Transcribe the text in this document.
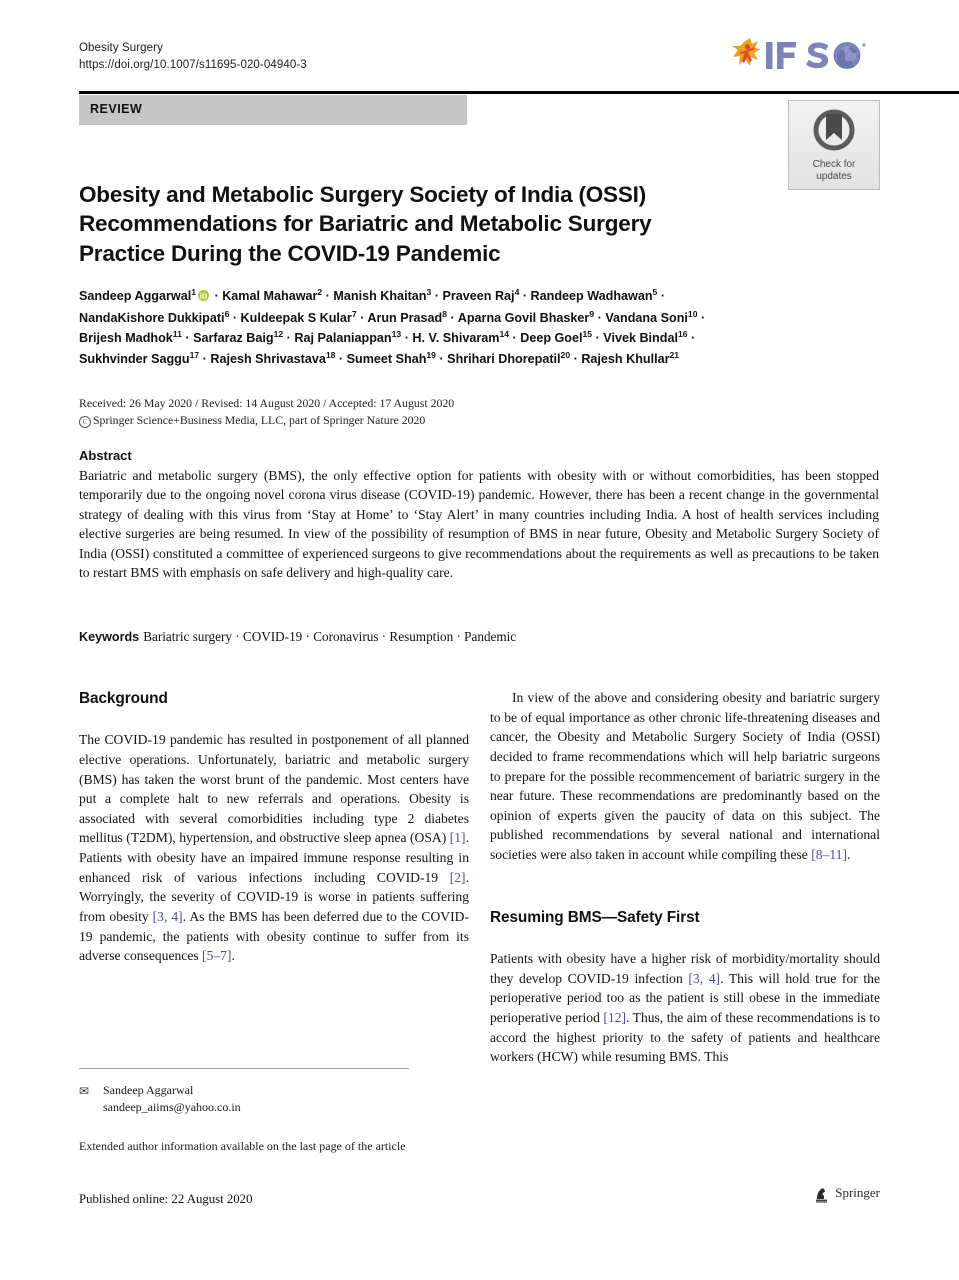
Obesity Surgery
https://doi.org/10.1007/s11695-020-04940-3
REVIEW
Check for
updates
Obesity and Metabolic Surgery Society of India (OSSI)
Recommendations for Bariatric and Metabolic Surgery
Practice During the COVID-19 Pandemic
Sandeep Aggarwal$^1$ iD · Kamal Mahawar$^2$ · Manish Khaitan$^3$ · Praveen Raj$^4$ · Randeep Wadhawan$^5$ ·
NandaKishore Dukkipati$^6$ · Kuldeepak S Kular$^7$ · Arun Prasad$^8$ · Aparna Govil Bhasker$^9$ · Vandana Soni$^{10}$ ·
Brijesh Madhok$^{11}$ · Sarfaraz Baig$^{12}$ · Raj Palaniappan$^{13}$ · H. V. Shivaram$^{14}$ · Deep Goel$^{15}$ · Vivek Bindal$^{16}$ ·
Sukhvinder Saggu$^{17}$ · Rajesh Shrivastava$^{18}$ · Sumeet Shah$^{19}$ · Shrihari Dhorepatil$^{20}$ · Rajesh Khullar$^{21}$
Received: 26 May 2020 / Revised: 14 August 2020 / Accepted: 17 August 2020
C Springer Science+Business Media, LLC, part of Springer Nature 2020
Abstract
Bariatric and metabolic surgery (BMS), the only effective option for patients with obesity with or without comorbidities, has been stopped temporarily due to the ongoing novel corona virus disease (COVID-19) pandemic. However, there has been a recent change in the governmental strategy of dealing with this virus from ‘Stay at Home’ to ‘Stay Alert’ in many countries including India. A host of health services including elective surgeries are being resumed. In view of the possibility of resumption of BMS in near future, Obesity and Metabolic Surgery Society of India (OSSI) constituted a committee of experienced surgeons to give recommendations about the requirements as well as precautions to be taken to restart BMS with emphasis on safe delivery and high-quality care.
Keywords Bariatric surgery · COVID-19 · Coronavirus · Resumption · Pandemic
Background

The COVID-19 pandemic has resulted in postponement of all planned elective operations. Unfortunately, bariatric and metabolic surgery (BMS) has taken the worst brunt of the pandemic. Most centers have put a complete halt to new referrals and operations. Obesity is associated with several comorbidities including type 2 diabetes mellitus (T2DM), hypertension, and obstructive sleep apnea (OSA) [1]. Patients with obesity have an impaired immune response resulting in enhanced risk of various infections including COVID-19 [2]. Worryingly, the severity of COVID-19 is worse in patients suffering from obesity [3, 4]. As the BMS has been deferred due to the COVID-19 pandemic, the patients with obesity continue to suffer from its adverse consequences [5–7].

In view of the above and considering obesity and bariatric surgery to be of equal importance as other chronic life-threatening diseases and cancer, the Obesity and Metabolic Surgery Society of India (OSSI) decided to frame recommendations which will help bariatric surgeons to prepare for the possible recommencement of bariatric surgery in the near future. These recommendations are predominantly based on the opinion of experts given the paucity of data on this subject. The published recommendations by several national and international societies were also taken in account while compiling these [8–11].

Resuming BMS—Safety First

Patients with obesity have a higher risk of morbidity/mortality should they develop COVID-19 infection [3, 4]. This will hold true for the perioperative period too as the patient is still obese in the immediate perioperative period [12]. Thus, the aim of these recommendations is to accord the highest priority to the safety of patients and healthcare workers (HCW) while resuming BMS. This

✉ Sandeep Aggarwal
sandeep_aiims@yahoo.co.in
Extended author information available on the last page of the article
Published online: 22 August 2020	Springer
